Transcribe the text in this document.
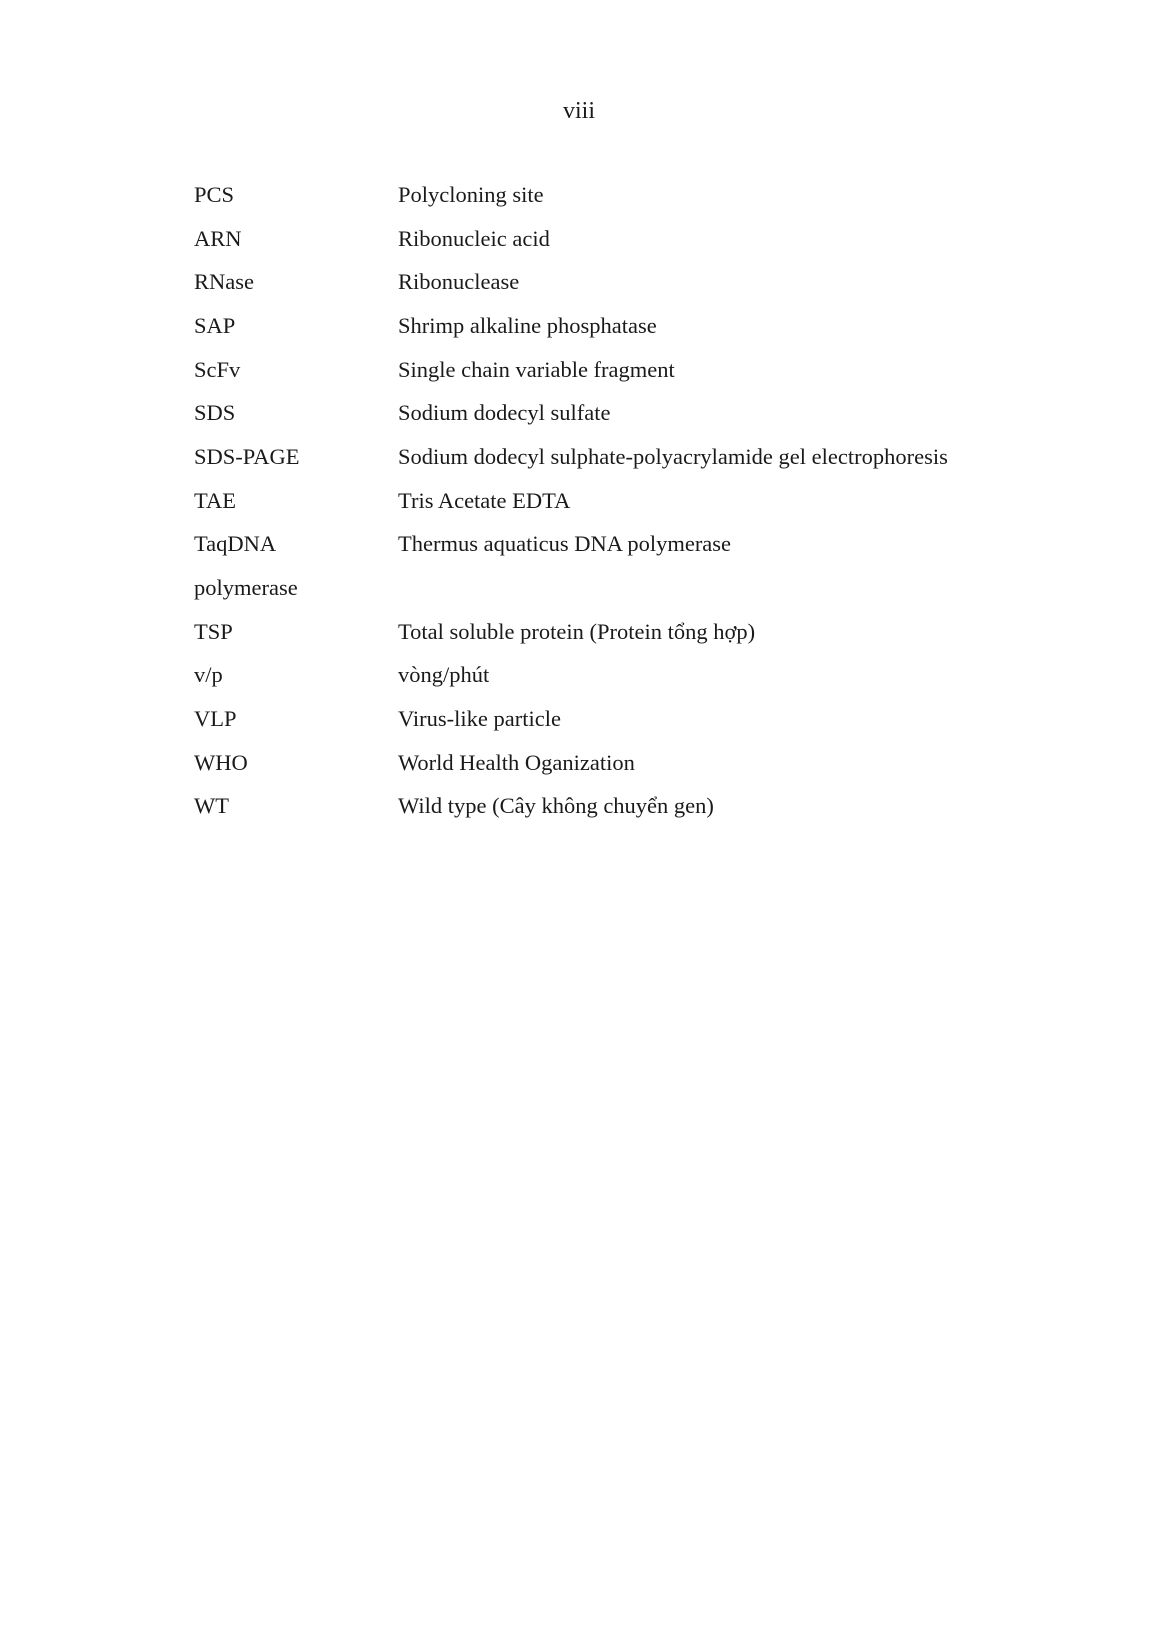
viii
PCS	Polycloning site
ARN	Ribonucleic acid
RNase	Ribonuclease
SAP	Shrimp alkaline phosphatase
ScFv	Single chain variable fragment
SDS	Sodium dodecyl sulfate
SDS-PAGE	Sodium dodecyl sulphate-polyacrylamide gel electrophoresis
TAE	Tris Acetate EDTA
TaqDNA	Thermus aquaticus DNA polymerase
polymerase	
TSP	Total soluble protein (Protein tổng hợp)
v/p	vòng/phút
VLP	Virus-like particle
WHO	World Health Oganization
WT	Wild type (Cây không chuyển gen)
